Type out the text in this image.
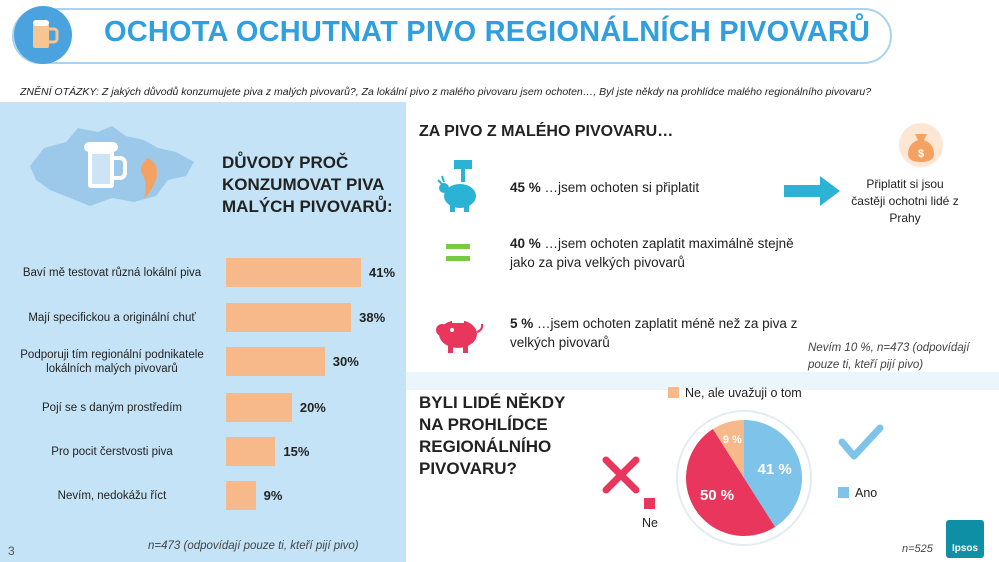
OCHOTA OCHUTNAT PIVO REGIONÁLNÍCH PIVOVARŮ
ZNĚNÍ OTÁZKY: Z jakých důvodů konzumujete piva z malých pivovarů?, Za lokální pivo z malého pivovaru jsem ochoten…, Byl jste někdy na prohlídce malého regionálního pivovaru?
DŮVODY PROČ KONZUMOVAT PIVA MALÝCH PIVOVARŮ:
Baví mě testovat různá lokální piva	41%
Mají specifickou a originální chuť	38%
Podporuji tím regionální podnikatele lokálních malých pivovarů	30%
Pojí se s daným prostředím	20%
Pro pocit čerstvosti piva	15%
Nevím, nedokážu říct	9%
n=473 (odpovídají pouze ti, kteří pijí pivo)
3
ZA PIVO Z MALÉHO PIVOVARU…
45 % …jsem ochoten si připlatit
40 % …jsem ochoten zaplatit maximálně stejně jako za piva velkých pivovarů
5 % …jsem ochoten zaplatit méně než za piva z velkých pivovarů
$
Připlatit si jsou častěji ochotni lidé z Prahy
Nevím 10 %, n=473 (odpovídají pouze ti, kteří pijí pivo)
BYLI LIDÉ NĚKDY NA PROHLÍDCE REGIONÁLNÍHO PIVOVARU?
Ne, ale uvažuji o tom
Ano
Ne
41 %
50 %
9 %
n=525	Ipsos
